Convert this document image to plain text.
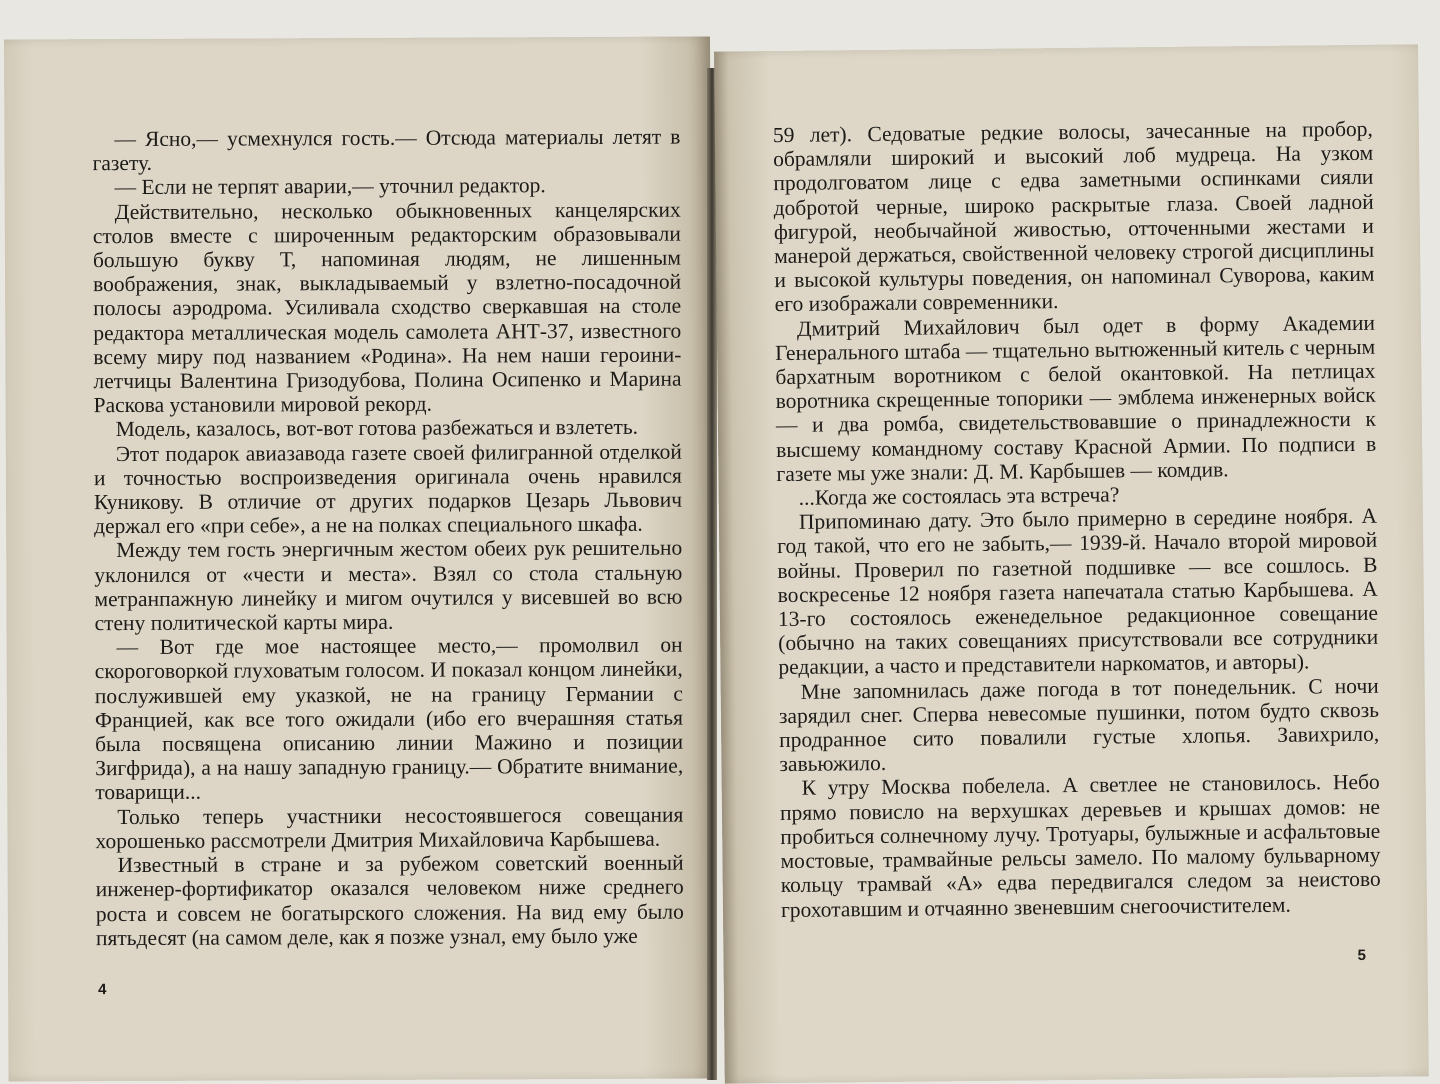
— Ясно,— усмехнулся гость.— Отсюда материалы летят в газету.

— Если не терпят аварии,— уточнил редактор.

Действительно, несколько обыкновенных канцелярских столов вместе с широченным редакторским образовывали большую букву Т, напоминая людям, не лишенным воображения, знак, выкладываемый у взлетно-посадочной полосы аэродрома. Усиливала сходство сверкавшая на столе редактора металлическая модель самолета АНТ-37, известного всему миру под названием «Родина». На нем наши героини-летчицы Валентина Гризодубова, Полина Осипенко и Марина Раскова установили мировой рекорд.

Модель, казалось, вот-вот готова разбежаться и взлететь.

Этот подарок авиазавода газете своей филигранной отделкой и точностью воспроизведения оригинала очень нравился Куникову. В отличие от других подарков Цезарь Львович держал его «при себе», а не на полках специального шкафа.

Между тем гость энергичным жестом обеих рук решительно уклонился от «чести и места». Взял со стола стальную метранпажную линейку и мигом очутился у висевшей во всю стену политической карты мира.

— Вот где мое настоящее место,— промолвил он скороговоркой глуховатым голосом. И показал концом линейки, послужившей ему указкой, не на границу Германии с Францией, как все того ожидали (ибо его вчерашняя статья была посвящена описанию линии Мажино и позиции Зигфрида), а на нашу западную границу.— Обратите внимание, товарищи...

Только теперь участники несостоявшегося совещания хорошенько рассмотрели Дмитрия Михайловича Карбышева.

Известный в стране и за рубежом советский военный инженер-фортификатор оказался человеком ниже среднего роста и совсем не богатырского сложения. На вид ему было пятьдесят (на самом деле, как я позже узнал, ему было уже

4

59 лет). Седоватые редкие волосы, зачесанные на пробор, обрамляли широкий и высокий лоб мудреца. На узком продолговатом лице с едва заметными оспинками сияли добротой черные, широко раскрытые глаза. Своей ладной фигурой, необычайной живостью, отточенными жестами и манерой держаться, свойственной человеку строгой дисциплины и высокой культуры поведения, он напоминал Суворова, каким его изображали современники.

Дмитрий Михайлович был одет в форму Академии Генерального штаба — тщательно вытюженный китель с черным бархатным воротником с белой окантовкой. На петлицах воротника скрещенные топорики — эмблема инженерных войск — и два ромба, свидетельствовавшие о принадлежности к высшему командному составу Красной Армии. По подписи в газете мы уже знали: Д. М. Карбышев — комдив.

...Когда же состоялась эта встреча?

Припоминаю дату. Это было примерно в середине ноября. А год такой, что его не забыть,— 1939-й. Начало второй мировой войны. Проверил по газетной подшивке — все сошлось. В воскресенье 12 ноября газета напечатала статью Карбышева. А 13-го состоялось еженедельное редакционное совещание (обычно на таких совещаниях присутствовали все сотрудники редакции, а часто и представители наркоматов, и авторы).

Мне запомнилась даже погода в тот понедельник. С ночи зарядил снег. Сперва невесомые пушинки, потом будто сквозь продранное сито повалили густые хлопья. Завихрило, завьюжило.

К утру Москва побелела. А светлее не становилось. Небо прямо повисло на верхушках деревьев и крышах домов: не пробиться солнечному лучу. Тротуары, булыжные и асфальтовые мостовые, трамвайные рельсы замело. По малому бульварному кольцу трамвай «А» едва передвигался следом за неистово грохотавшим и отчаянно звеневшим снегоочистителем.

5
